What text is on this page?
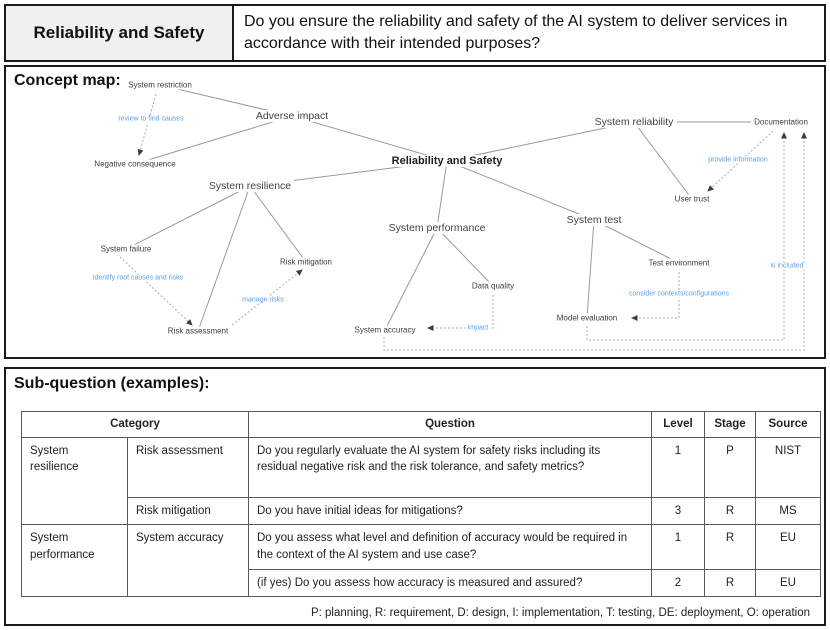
Reliability and Safety
Do you ensure the reliability and safety of the AI system to deliver services in accordance with their intended purposes?
Concept map: System restriction
Adverse impact
Negative consequence	Reliability and Safety
System resilience
System failure
Risk mitigation
Risk assessment
System performance
Data quality
System accuracy
System reliability	Documentation
User trust
System test
Test environment
Model evaluation
review to find causes
identify root causes and risks
manage risks
impact
provide information
consider contexts/configurations
is included
Sub-question (examples):
Category		Question	Level	Stage	Source
System resilience	Risk assessment	Do you regularly evaluate the AI system for safety risks including its residual negative risk and the risk tolerance, and safety metrics?	1	P	NIST
	Risk mitigation	Do you have initial ideas for mitigations?	3	R	MS
System performance	System accuracy	Do you assess what level and definition of accuracy would be required in the context of the AI system and use case?	1	R	EU
		(if yes) Do you assess how accuracy is measured and assured?	2	R	EU
P: planning, R: requirement, D: design, I: implementation, T: testing, DE: deployment, O: operation
